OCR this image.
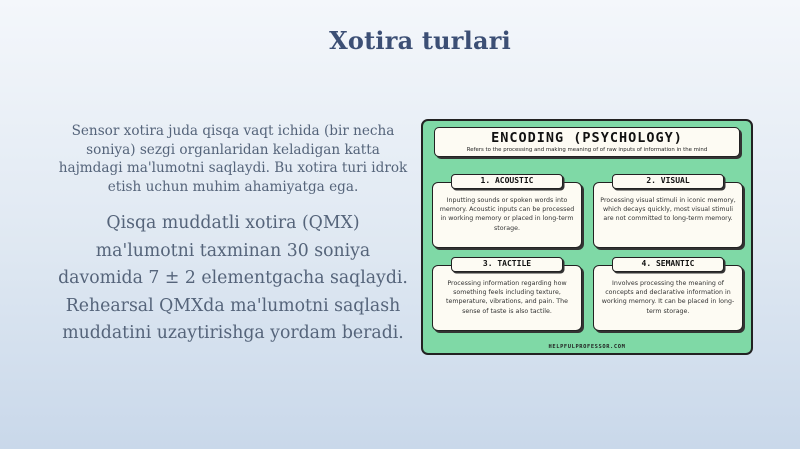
Xotira turlari
Sensor xotira juda qisqa vaqt ichida (bir necha soniya) sezgi organlaridan keladigan katta hajmdagi ma'lumotni saqlaydi. Bu xotira turi idrok etish uchun muhim ahamiyatga ega.
Qisqa muddatli xotira (QMX) ma'lumotni taxminan 30 soniya davomida 7 ± 2 elementgacha saqlaydi. Rehearsal QMXda ma'lumotni saqlash muddatini uzaytirishga yordam beradi.
ENCODING (PSYCHOLOGY)
Refers to the processing and making meaning of of raw inputs of information in the mind
1. ACOUSTIC
Inputting sounds or spoken words into memory. Acoustic inputs can be processed in working memory or placed in long-term storage.
2. VISUAL
Processing visual stimuli in iconic memory, which decays quickly, most visual stimuli are not committed to long-term memory.
3. TACTILE
Processing information regarding how something feels including texture, temperature, vibrations, and pain. The sense of taste is also tactile.
4. SEMANTIC
Involves processing the meaning of concepts and declarative information in working memory. It can be placed in long-term storage.
HELPFULPROFESSOR.COM
